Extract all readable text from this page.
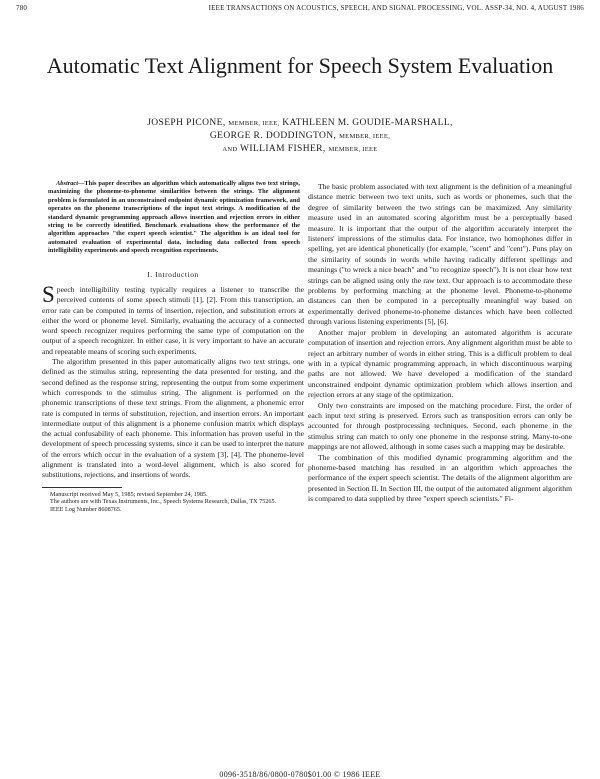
780	IEEE TRANSACTIONS ON ACOUSTICS, SPEECH, AND SIGNAL PROCESSING, VOL. ASSP-34, NO. 4, AUGUST 1986
Automatic Text Alignment for Speech System Evaluation
JOSEPH PICONE, MEMBER, IEEE, KATHLEEN M. GOUDIE-MARSHALL,
GEORGE R. DODDINGTON, MEMBER, IEEE,
AND WILLIAM FISHER, MEMBER, IEEE

Abstract—This paper describes an algorithm which automatically aligns two text strings, maximizing the phoneme-to-phoneme similarities between the strings. The alignment problem is formulated in an unconstrained endpoint dynamic optimization framework, and operates on the phoneme transcriptions of the input text strings. A modification of the standard dynamic programming approach allows insertion and rejection errors in either string to be correctly identified. Benchmark evaluations show the performance of the algorithm approaches "the expert speech scientist." The algorithm is an ideal tool for automated evaluation of experimental data, including data collected from speech intelligibility experiments and speech recognition experiments.

I. Introduction

Speech intelligibility testing typically requires a listener to transcribe the perceived contents of some speech stimuli [1], [2]. From this transcription, an error rate can be computed in terms of insertion, rejection, and substitution errors at either the word or phoneme level. Similarly, evaluating the accuracy of a connected word speech recognizer requires performing the same type of computation on the output of a speech recognizer. In either case, it is very important to have an accurate and repeatable means of scoring such experiments.

The algorithm presented in this paper automatically aligns two text strings, one defined as the stimulus string, representing the data presented for testing, and the second defined as the response string, representing the output from some experiment which corresponds to the stimulus string. The alignment is performed on the phonemic transcriptions of these text strings. From the alignment, a phonemic error rate is computed in terms of substitution, rejection, and insertion errors. An important intermediate output of this alignment is a phoneme confusion matrix which displays the actual confusability of each phoneme. This information has proven useful in the development of speech processing systems, since it can be used to interpret the nature of the errors which occur in the evaluation of a system [3], [4]. The phoneme-level alignment is translated into a word-level alignment, which is also scored for substitutions, rejections, and insertions of words.

Manuscript received May 5, 1985; revised September 24, 1985.
The authors are with Texas Instruments, Inc., Speech Systems Research, Dallas, TX 75265.
IEEE Log Number 8608765.

The basic problem associated with text alignment is the definition of a meaningful distance metric between two text units, such as words or phonemes, such that the degree of similarity between the two strings can be maximized. Any similarity measure used in an automated scoring algorithm must be a perceptually based measure. It is important that the output of the algorithm accurately interpret the listeners' impressions of the stimulus data. For instance, two homophones differ in spelling, yet are identical phonetically (for example, "scent" and "cent"). Puns play on the similarity of sounds in words while having radically different spellings and meanings ("to wreck a nice beach" and "to recognize speech"). It is not clear how text strings can be aligned using only the raw text. Our approach is to accommodate these problems by performing matching at the phoneme level. Phoneme-to-phoneme distances can then be computed in a perceptually meaningful way based on experimentally derived phoneme-to-phoneme distances which have been collected through various listening experiments [5], [6].

Another major problem in developing an automated algorithm is accurate computation of insertion and rejection errors. Any alignment algorithm must be able to reject an arbitrary number of words in either string. This is a difficult problem to deal with in a typical dynamic programming approach, in which discontinuous warping paths are not allowed. We have developed a modification of the standard unconstrained endpoint dynamic optimization problem which allows insertion and rejection errors at any stage of the optimization.

Only two constraints are imposed on the matching procedure. First, the order of each input text string is preserved. Errors such as transposition errors can only be accounted for through postprocessing techniques. Second, each phoneme in the stimulus string can match to only one phoneme in the response string. Many-to-one mappings are not allowed, although in some cases such a mapping may be desirable.

The combination of this modified dynamic programming algorithm and the phoneme-based matching has resulted in an algorithm which approaches the performance of the expert speech scientist. The details of the alignment algorithm are presented in Section II. In Section III, the output of the automated alignment algorithm is compared to data supplied by three "expert speech scientists." Fi-

0096-3518/86/0800-0780$01.00 © 1986 IEEE
